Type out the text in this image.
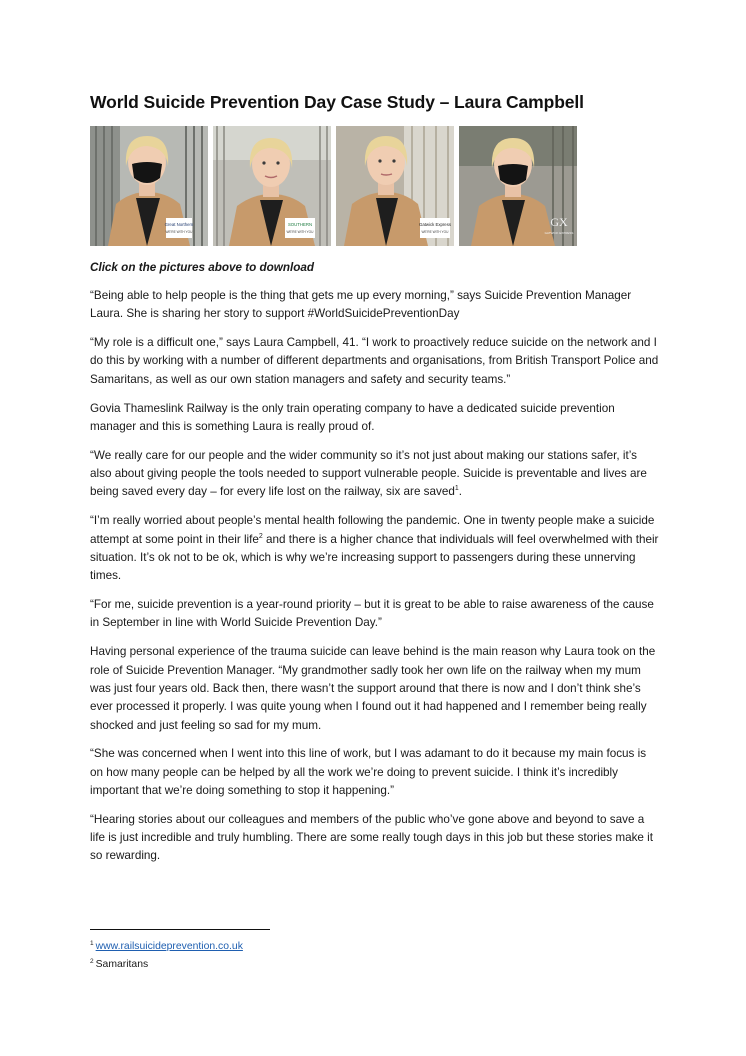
World Suicide Prevention Day Case Study – Laura Campbell
Great Northern
WE'RE WITH YOU
SOUTHERN
WE'RE WITH YOU
Gatwick Express
WE'RE WITH YOU
GX
GATWICK EXPRESS

Click on the pictures above to download

“Being able to help people is the thing that gets me up every morning,” says Suicide Prevention Manager Laura. She is sharing her story to support #WorldSuicidePreventionDay

“My role is a difficult one,” says Laura Campbell, 41. “I work to proactively reduce suicide on the network and I do this by working with a number of different departments and organisations, from British Transport Police and Samaritans, as well as our own station managers and safety and security teams.”

Govia Thameslink Railway is the only train operating company to have a dedicated suicide prevention manager and this is something Laura is really proud of.

“We really care for our people and the wider community so it’s not just about making our stations safer, it’s also about giving people the tools needed to support vulnerable people. Suicide is preventable and lives are being saved every day – for every life lost on the railway, six are saved$^1$.

“I’m really worried about people’s mental health following the pandemic. One in twenty people make a suicide attempt at some point in their life$^2$ and there is a higher chance that individuals will feel overwhelmed with their situation. It’s ok not to be ok, which is why we’re increasing support to passengers during these unnerving times.

“For me, suicide prevention is a year-round priority – but it is great to be able to raise awareness of the cause in September in line with World Suicide Prevention Day.”

Having personal experience of the trauma suicide can leave behind is the main reason why Laura took on the role of Suicide Prevention Manager. “My grandmother sadly took her own life on the railway when my mum was just four years old. Back then, there wasn’t the support around that there is now and I don’t think she’s ever processed it properly. I was quite young when I found out it had happened and I remember being really shocked and just feeling so sad for my mum.

“She was concerned when I went into this line of work, but I was adamant to do it because my main focus is on how many people can be helped by all the work we’re doing to prevent suicide. I think it’s incredibly important that we’re doing something to stop it happening.”

“Hearing stories about our colleagues and members of the public who’ve gone above and beyond to save a life is just incredible and truly humbling. There are some really tough days in this job but these stories make it so rewarding.

$^1$ www.railsuicideprevention.co.uk
$^2$ Samaritans
